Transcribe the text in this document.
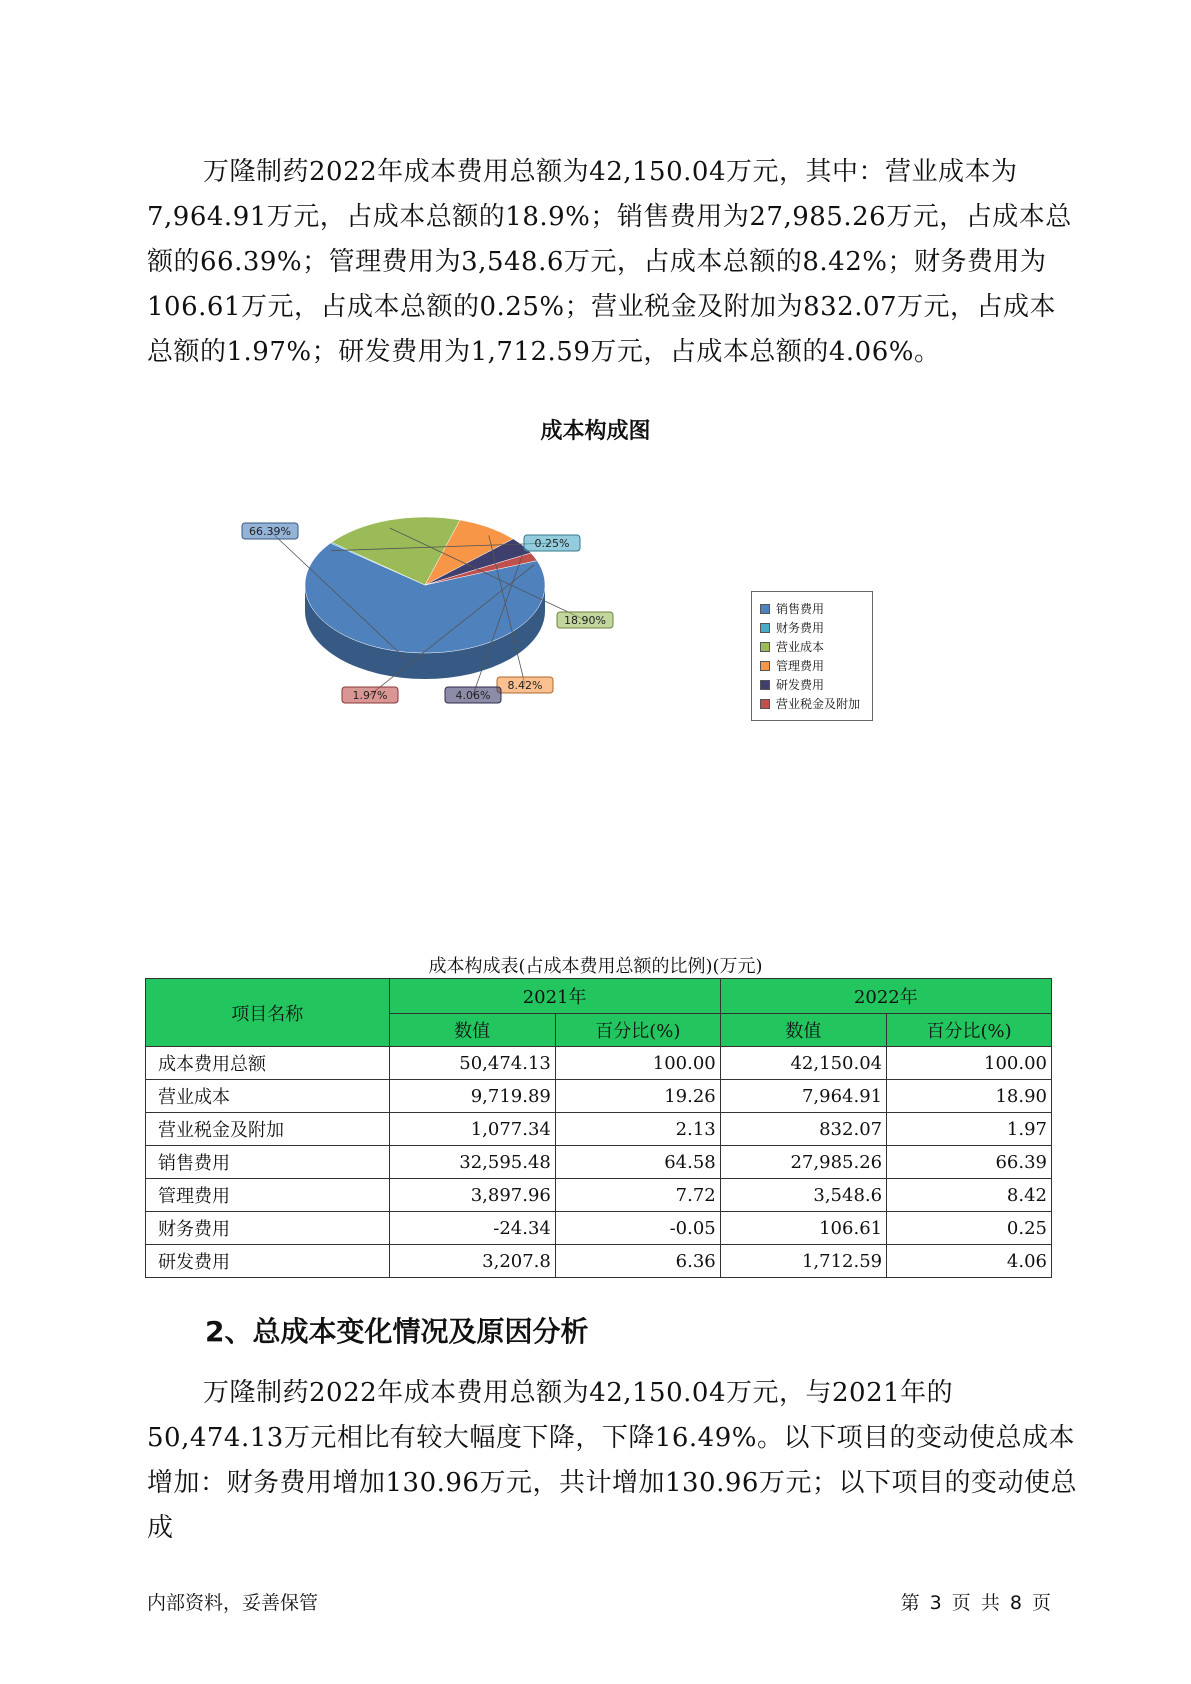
万隆制药2022年成本费用总额为42,150.04万元，其中：营业成本为7,964.91万元，占成本总额的18.9%；销售费用为27,985.26万元，占成本总额的66.39%；管理费用为3,548.6万元，占成本总额的8.42%；财务费用为106.61万元，占成本总额的0.25%；营业税金及附加为832.07万元，占成本总额的1.97%；研发费用为1,712.59万元，占成本总额的4.06%。

成本构成图
66.39%
0.25%
18.90%
8.42%
4.06%
1.97%
销售费用
财务费用
营业成本
管理费用
研发费用
营业税金及附加
成本构成表(占成本费用总额的比例)(万元)
项目名称	2021年		2022年	
	数值	百分比(%)	数值	百分比(%)
成本费用总额	50,474.13	100.00	42,150.04	100.00
营业成本	9,719.89	19.26	7,964.91	18.90
营业税金及附加	1,077.34	2.13	832.07	1.97
销售费用	32,595.48	64.58	27,985.26	66.39
管理费用	3,897.96	7.72	3,548.6	8.42
财务费用	-24.34	-0.05	106.61	0.25
研发费用	3,207.8	6.36	1,712.59	4.06
2、总成本变化情况及原因分析

万隆制药2022年成本费用总额为42,150.04万元，与2021年的50,474.13万元相比有较大幅度下降，下降16.49%。以下项目的变动使总成本增加：财务费用增加130.96万元，共计增加130.96万元；以下项目的变动使总成

内部资料，妥善保管	第 3 页 共 8 页
